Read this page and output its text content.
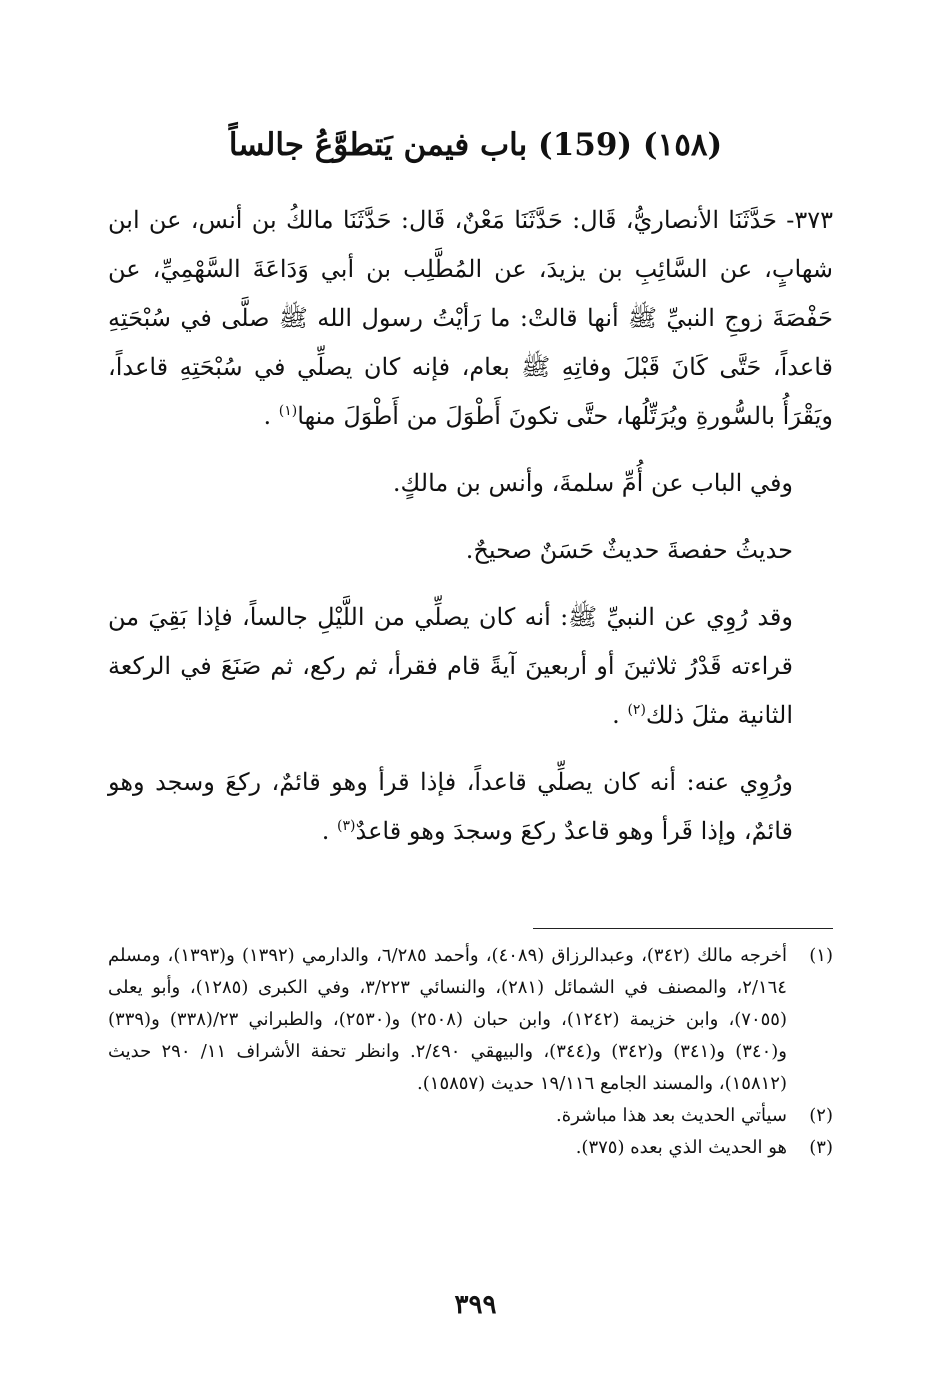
(١٥٨) (159) باب فيمن يَتطوَّعُ جالساً

٣٧٣- حَدَّثَنَا الأنصاريُّ، قَال: حَدَّثَنَا مَعْنٌ، قَال: حَدَّثَنَا مالكُ بن أنس، عن ابن شهابٍ، عن السَّائِبِ بن يزيدَ، عن المُطَّلِب بن أبي وَدَاعَةَ السَّهْمِيِّ، عن حَفْصَةَ زوجِ النبيِّ ﷺ أنها قالتْ: ما رَأيْتُ رسول الله ﷺ صلَّى في سُبْحَتِهِ قاعداً، حَتَّى كَانَ قَبْلَ وفاتِهِ ﷺ بعام، فإنه كان يصلِّي في سُبْحَتِهِ قاعداً، ويَقْرَأُ بالسُّورةِ ويُرَتِّلُها، حتَّى تكونَ أَطْوَلَ من أَطْوَلَ منها$^{(١)}$ .

وفي الباب عن أُمِّ سلمةَ، وأنس بن مالكٍ.

حديثُ حفصةَ حديثٌ حَسَنٌ صحيحٌ.

وقد رُوِي عن النبيِّ ﷺ: أنه كان يصلِّي من اللَّيْلِ جالساً، فإذا بَقِيَ من قراءته قَدْرُ ثلاثينَ أو أربعينَ آيةً قام فقرأ، ثم ركع، ثم صَنَعَ في الركعة الثانية مثلَ ذلك$^{(٢)}$ .

ورُوِي عنه: أنه كان يصلِّي قاعداً، فإذا قرأ وهو قائمٌ، ركعَ وسجد وهو قائمٌ، وإذا قَرأ وهو قاعدٌ ركعَ وسجدَ وهو قاعدٌ$^{(٣)}$ .

(١)
أخرجه مالك (٣٤٢)، وعبدالرزاق (٤٠٨٩)، وأحمد ٦/٢٨٥، والدارمي (١٣٩٢) و(١٣٩٣)، ومسلم ٢/١٦٤، والمصنف في الشمائل (٢٨١)، والنسائي ٣/٢٢٣، وفي الكبرى (١٢٨٥)، وأبو يعلى (٧٠٥٥)، وابن خزيمة (١٢٤٢)، وابن حبان (٢٥٠٨) و(٢٥٣٠)، والطبراني ٢٣/(٣٣٨) و(٣٣٩) و(٣٤٠) و(٣٤١) و(٣٤٢) و(٣٤٤)، والبيهقي ٢/٤٩٠. وانظر تحفة الأشراف ١١/ ٢٩٠ حديث (١٥٨١٢)، والمسند الجامع ١٩/١١٦ حديث (١٥٨٥٧).
(٢)
سيأتي الحديث بعد هذا مباشرة.
(٣)
هو الحديث الذي بعده (٣٧٥).
٣٩٩
